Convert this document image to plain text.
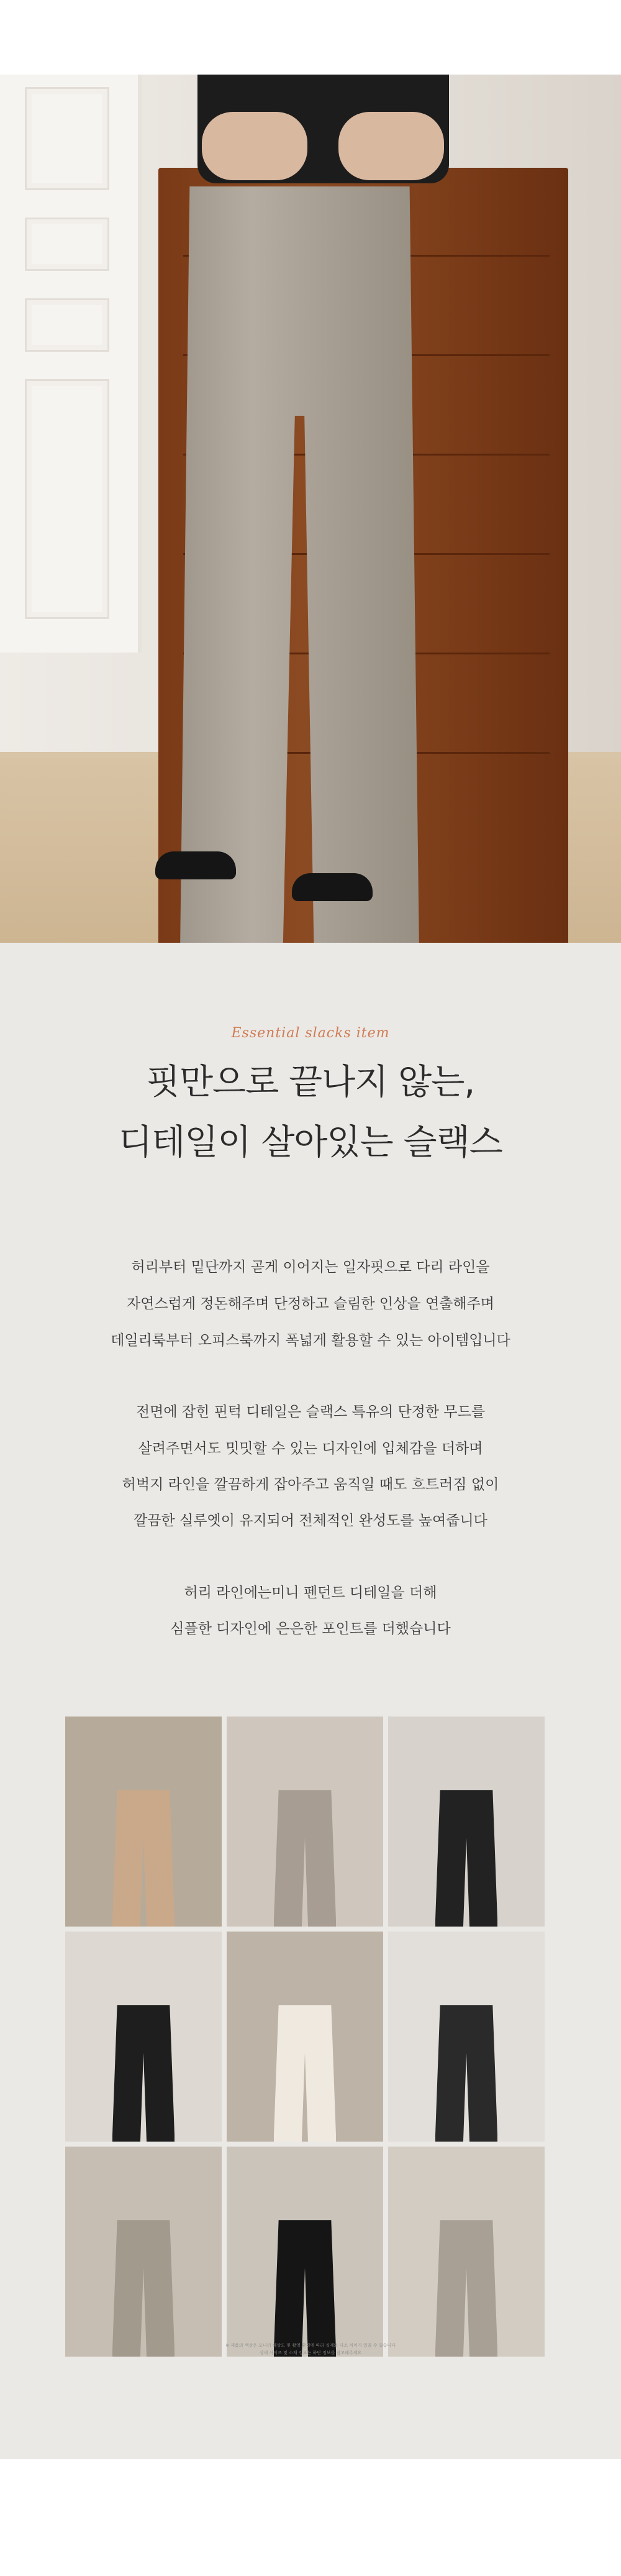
Essential slacks item
핏만으로 끝나지 않는,
디테일이 살아있는 슬랙스
허리부터 밑단까지 곧게 이어지는 일자핏으로 다리 라인을
자연스럽게 정돈해주며 단정하고 슬림한 인상을 연출해주며
데일리룩부터 오피스룩까지 폭넓게 활용할 수 있는 아이템입니다
전면에 잡힌 핀턱 디테일은 슬랙스 특유의 단정한 무드를
살려주면서도 밋밋할 수 있는 디자인에 입체감을 더하며
허벅지 라인을 깔끔하게 잡아주고 움직일 때도 흐트러짐 없이
깔끔한 실루엣이 유지되어 전체적인 완성도를 높여줍니다
허리 라인에는미니 펜던트 디테일을 더해
심플한 디자인에 은은한 포인트를 더했습니다
※ 제품의 색상은 모니터 해상도 및 촬영 환경에 따라 실제와 다소 차이가 있을 수 있습니다
상세 사이즈 및 소재 정보는 하단 정보를 참고해주세요
